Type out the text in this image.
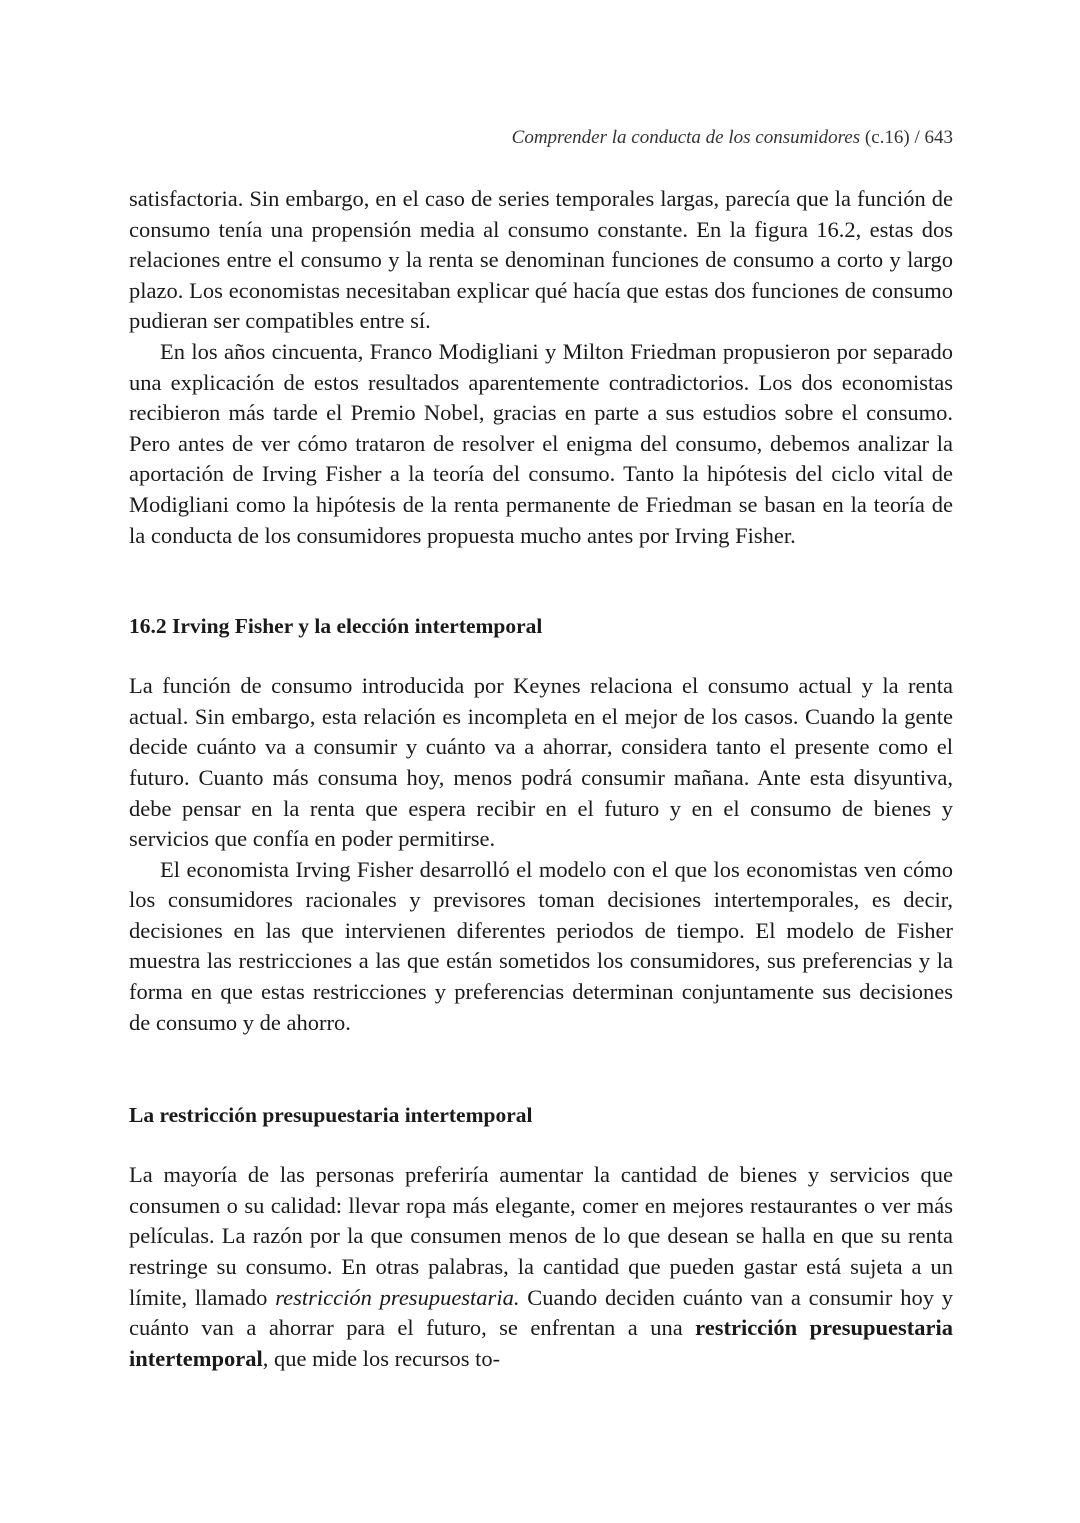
Comprender la conducta de los consumidores (c.16) / 643

satisfactoria. Sin embargo, en el caso de series temporales largas, parecía que la función de consumo tenía una propensión media al consumo constante. En la figura 16.2, estas dos relaciones entre el consumo y la renta se denominan funciones de consumo a corto y largo plazo. Los economistas necesitaban explicar qué hacía que estas dos funciones de consumo pudieran ser compatibles entre sí.

En los años cincuenta, Franco Modigliani y Milton Friedman propusieron por separado una explicación de estos resultados aparentemente contradictorios. Los dos economistas recibieron más tarde el Premio Nobel, gracias en parte a sus estudios sobre el consumo. Pero antes de ver cómo trataron de resolver el enigma del consumo, debemos analizar la aportación de Irving Fisher a la teoría del consumo. Tanto la hipótesis del ciclo vital de Modigliani como la hipótesis de la renta permanente de Friedman se basan en la teoría de la conducta de los consumidores propuesta mucho antes por Irving Fisher.

16.2 Irving Fisher y la elección intertemporal

La función de consumo introducida por Keynes relaciona el consumo actual y la renta actual. Sin embargo, esta relación es incompleta en el mejor de los casos. Cuando la gente decide cuánto va a consumir y cuánto va a ahorrar, considera tanto el presente como el futuro. Cuanto más consuma hoy, menos podrá consumir mañana. Ante esta disyuntiva, debe pensar en la renta que espera recibir en el futuro y en el consumo de bienes y servicios que confía en poder permitirse.

El economista Irving Fisher desarrolló el modelo con el que los economistas ven cómo los consumidores racionales y previsores toman decisiones intertemporales, es decir, decisiones en las que intervienen diferentes periodos de tiempo. El modelo de Fisher muestra las restricciones a las que están sometidos los consumidores, sus preferencias y la forma en que estas restricciones y preferencias determinan conjuntamente sus decisiones de consumo y de ahorro.

La restricción presupuestaria intertemporal

La mayoría de las personas preferiría aumentar la cantidad de bienes y servicios que consumen o su calidad: llevar ropa más elegante, comer en mejores restaurantes o ver más películas. La razón por la que consumen menos de lo que desean se halla en que su renta restringe su consumo. En otras palabras, la cantidad que pueden gastar está sujeta a un límite, llamado restricción presupuestaria. Cuando deciden cuánto van a consumir hoy y cuánto van a ahorrar para el futuro, se enfrentan a una restricción presupuestaria intertemporal, que mide los recursos to-
